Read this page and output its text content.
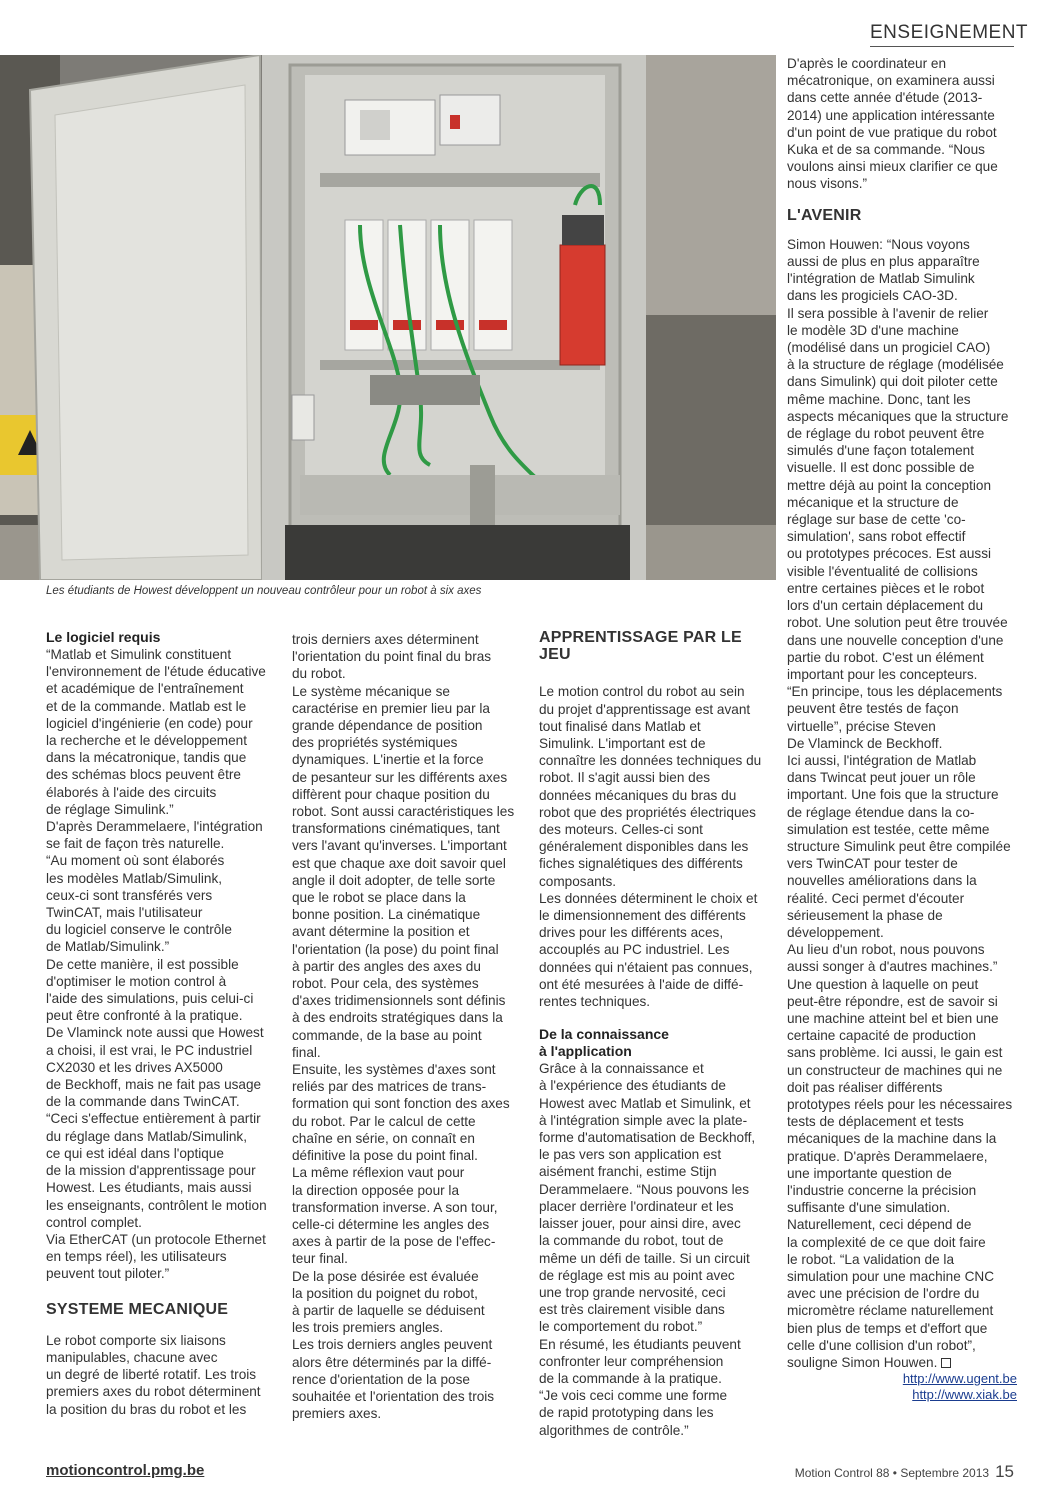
ENSEIGNEMENT
Les étudiants de Howest développent un nouveau contrôleur pour un robot à six axes
Le logiciel requis

“Matlab et Simulink constituent
l'environnement de l'étude éducative
et académique de l'entraînement
et de la commande. Matlab est le
logiciel d'ingénierie (en code) pour
la recherche et le développement
dans la mécatronique, tandis que
des schémas blocs peuvent être
élaborés à l'aide des circuits
de réglage Simulink.”
D'après Derammelaere, l'intégration
se fait de façon très naturelle.
“Au moment où sont élaborés
les modèles Matlab/Simulink,
ceux-ci sont transférés vers
TwinCAT, mais l'utilisateur
du logiciel conserve le contrôle
de Matlab/Simulink.”
De cette manière, il est possible
d'optimiser le motion control à
l'aide des simulations, puis celui-ci
peut être confronté à la pratique.
De Vlaminck note aussi que Howest
a choisi, il est vrai, le PC industriel
CX2030 et les drives AX5000
de Beckhoff, mais ne fait pas usage
de la commande dans TwinCAT.
“Ceci s'effectue entièrement à partir
du réglage dans Matlab/Simulink,
ce qui est idéal dans l'optique
de la mission d'apprentissage pour
Howest. Les étudiants, mais aussi
les enseignants, contrôlent le motion
control complet.
Via EtherCAT (un protocole Ethernet
en temps réel), les utilisateurs
peuvent tout piloter.”

SYSTEME MECANIQUE

Le robot comporte six liaisons
manipulables, chacune avec
un degré de liberté rotatif. Les trois
premiers axes du robot déterminent
la position du bras du robot et les

trois derniers axes déterminent
l'orientation du point final du bras
du robot.
Le système mécanique se
caractérise en premier lieu par la
grande dépendance de position
des propriétés systémiques
dynamiques. L'inertie et la force
de pesanteur sur les différents axes
diffèrent pour chaque position du
robot. Sont aussi caractéristiques les
transformations cinématiques, tant
vers l'avant qu'inverses. L'important
est que chaque axe doit savoir quel
angle il doit adopter, de telle sorte
que le robot se place dans la
bonne position. La cinématique
avant détermine la position et
l'orientation (la pose) du point final
à partir des angles des axes du
robot. Pour cela, des systèmes
d'axes tridimensionnels sont définis
à des endroits stratégiques dans la
commande, de la base au point
final.
Ensuite, les systèmes d'axes sont
reliés par des matrices de trans-
formation qui sont fonction des axes
du robot. Par le calcul de cette
chaîne en série, on connaît en
définitive la pose du point final.
La même réflexion vaut pour
la direction opposée pour la
transformation inverse. A son tour,
celle-ci détermine les angles des
axes à partir de la pose de l'effec-
teur final.
De la pose désirée est évaluée
la position du poignet du robot,
à partir de laquelle se déduisent
les trois premiers angles.
Les trois derniers angles peuvent
alors être déterminés par la diffé-
rence d'orientation de la pose
souhaitée et l'orientation des trois
premiers axes.

APPRENTISSAGE PAR LE JEU

Le motion control du robot au sein
du projet d'apprentissage est avant
tout finalisé dans Matlab et
Simulink. L'important est de
connaître les données techniques du
robot. Il s'agit aussi bien des
données mécaniques du bras du
robot que des propriétés électriques
des moteurs. Celles-ci sont
généralement disponibles dans les
fiches signalétiques des différents
composants.
Les données déterminent le choix et
le dimensionnement des différents
drives pour les différents aces,
accouplés au PC industriel. Les
données qui n'étaient pas connues,
ont été mesurées à l'aide de diffé-
rentes techniques.

De la connaissance
à l'application

Grâce à la connaissance et
à l'expérience des étudiants de
Howest avec Matlab et Simulink, et
à l'intégration simple avec la plate-
forme d'automatisation de Beckhoff,
le pas vers son application est
aisément franchi, estime Stijn
Derammelaere. “Nous pouvons les
placer derrière l'ordinateur et les
laisser jouer, pour ainsi dire, avec
la commande du robot, tout de
même un défi de taille. Si un circuit
de réglage est mis au point avec
une trop grande nervosité, ceci
est très clairement visible dans
le comportement du robot.”
En résumé, les étudiants peuvent
confronter leur compréhension
de la commande à la pratique.
“Je vois ceci comme une forme
de rapid prototyping dans les
algorithmes de contrôle.”

D'après le coordinateur en
mécatronique, on examinera aussi
dans cette année d'étude (2013-
2014) une application intéressante
d'un point de vue pratique du robot
Kuka et de sa commande. “Nous
voulons ainsi mieux clarifier ce que
nous visons.”

L'AVENIR

Simon Houwen: “Nous voyons
aussi de plus en plus apparaître
l'intégration de Matlab Simulink
dans les progiciels CAO-3D.
Il sera possible à l'avenir de relier
le modèle 3D d'une machine
(modélisé dans un progiciel CAO)
à la structure de réglage (modélisée
dans Simulink) qui doit piloter cette
même machine. Donc, tant les
aspects mécaniques que la structure
de réglage du robot peuvent être
simulés d'une façon totalement
visuelle. Il est donc possible de
mettre déjà au point la conception
mécanique et la structure de
réglage sur base de cette 'co-
simulation', sans robot effectif
ou prototypes précoces. Est aussi
visible l'éventualité de collisions
entre certaines pièces et le robot
lors d'un certain déplacement du
robot. Une solution peut être trouvée
dans une nouvelle conception d'une
partie du robot. C'est un élément
important pour les concepteurs.
“En principe, tous les déplacements
peuvent être testés de façon
virtuelle”, précise Steven
De Vlaminck de Beckhoff.
Ici aussi, l'intégration de Matlab
dans Twincat peut jouer un rôle
important. Une fois que la structure
de réglage étendue dans la co-
simulation est testée, cette même
structure Simulink peut être compilée
vers TwinCAT pour tester de
nouvelles améliorations dans la
réalité. Ceci permet d'écouter
sérieusement la phase de
développement.
Au lieu d'un robot, nous pouvons
aussi songer à d'autres machines.”
Une question à laquelle on peut
peut-être répondre, est de savoir si
une machine atteint bel et bien une
certaine capacité de production
sans problème. Ici aussi, le gain est
un constructeur de machines qui ne
doit pas réaliser différents
prototypes réels pour les nécessaires
tests de déplacement et tests
mécaniques de la machine dans la
pratique. D'après Derammelaere,
une importante question de
l'industrie concerne la précision
suffisante d'une simulation.
Naturellement, ceci dépend de
la complexité de ce que doit faire
le robot. “La validation de la
simulation pour une machine CNC
avec une précision de l'ordre du
micromètre réclame naturellement
bien plus de temps et d'effort que
celle d'une collision d'un robot”,
souligne Simon Houwen.

http://www.ugent.be
http://www.xiak.be
motioncontrol.pmg.be	Motion Control 88 • Septembre 2013 15
